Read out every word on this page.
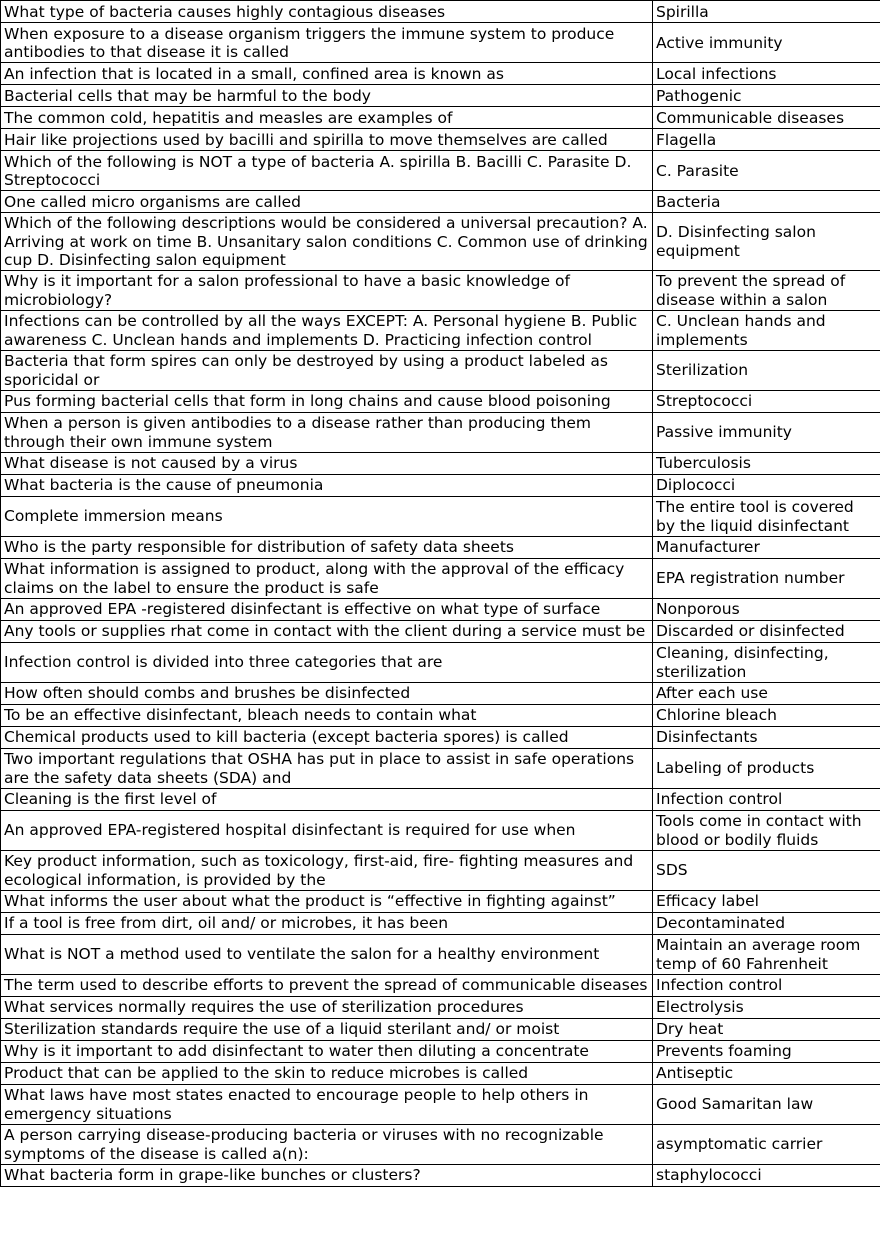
What type of bacteria causes highly contagious diseases	Spirilla
When exposure to a disease organism triggers the immune system to produce antibodies to that disease it is called	Active immunity
An infection that is located in a small, confined area is known as	Local infections
Bacterial cells that may be harmful to the body	Pathogenic
The common cold, hepatitis and measles are examples of	Communicable diseases
Hair like projections used by bacilli and spirilla to move themselves are called	Flagella
Which of the following is NOT a type of bacteria A. spirilla B. Bacilli C. Parasite D. Streptococci	C. Parasite
One called micro organisms are called	Bacteria
Which of the following descriptions would be considered a universal precaution? A. Arriving at work on time B. Unsanitary salon conditions C. Common use of drinking cup D. Disinfecting salon equipment	D. Disinfecting salon equipment
Why is it important for a salon professional to have a basic knowledge of microbiology?	To prevent the spread of disease within a salon
Infections can be controlled by all the ways EXCEPT: A. Personal hygiene B. Public awareness C. Unclean hands and implements D. Practicing infection control	C. Unclean hands and implements
Bacteria that form spires can only be destroyed by using a product labeled as sporicidal or	Sterilization
Pus forming bacterial cells that form in long chains and cause blood poisoning	Streptococci
When a person is given antibodies to a disease rather than producing them through their own immune system	Passive immunity
What disease is not caused by a virus	Tuberculosis
What bacteria is the cause of pneumonia	Diplococci
Complete immersion means	The entire tool is covered by the liquid disinfectant
Who is the party responsible for distribution of safety data sheets	Manufacturer
What information is assigned to product, along with the approval of the efficacy claims on the label to ensure the product is safe	EPA registration number
An approved EPA -registered disinfectant is effective on what type of surface	Nonporous
Any tools or supplies rhat come in contact with the client during a service must be	Discarded or disinfected
Infection control is divided into three categories that are	Cleaning, disinfecting, sterilization
How often should combs and brushes be disinfected	After each use
To be an effective disinfectant, bleach needs to contain what	Chlorine bleach
Chemical products used to kill bacteria (except bacteria spores) is called	Disinfectants
Two important regulations that OSHA has put in place to assist in safe operations are the safety data sheets (SDA) and	Labeling of products
Cleaning is the first level of	Infection control
An approved EPA-registered hospital disinfectant is required for use when	Tools come in contact with blood or bodily fluids
Key product information, such as toxicology, first-aid, fire- fighting measures and ecological information, is provided by the	SDS
What informs the user about what the product is “effective in fighting against”	Efficacy label
If a tool is free from dirt, oil and/ or microbes, it has been	Decontaminated
What is NOT a method used to ventilate the salon for a healthy environment	Maintain an average room temp of 60 Fahrenheit
The term used to describe efforts to prevent the spread of communicable diseases	Infection control
What services normally requires the use of sterilization procedures	Electrolysis
Sterilization standards require the use of a liquid sterilant and/ or moist	Dry heat
Why is it important to add disinfectant to water then diluting a concentrate	Prevents foaming
Product that can be applied to the skin to reduce microbes is called	Antiseptic
What laws have most states enacted to encourage people to help others in emergency situations	Good Samaritan law
A person carrying disease-producing bacteria or viruses with no recognizable symptoms of the disease is called a(n):	asymptomatic carrier
What bacteria form in grape-like bunches or clusters?	staphylococci
